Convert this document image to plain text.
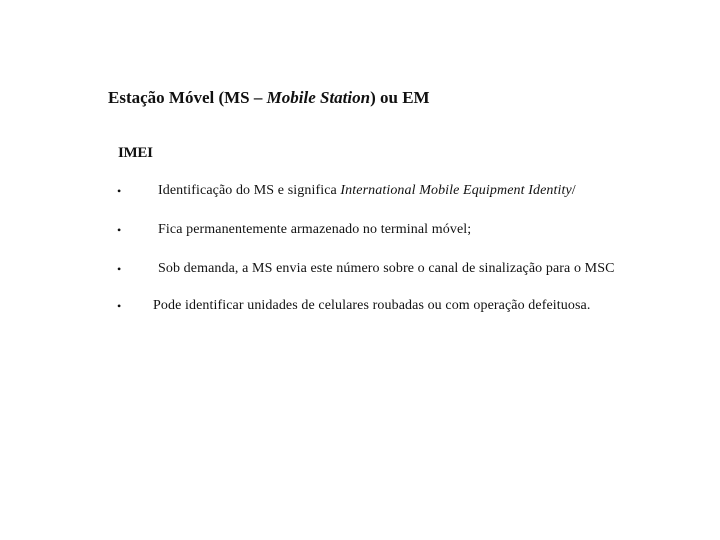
Estação Móvel (MS – Mobile Station) ou EM
IMEI
•	Identificação do MS e significa International Mobile Equipment Identity/
•	Fica permanentemente armazenado no terminal móvel;
•	Sob demanda, a MS envia este número sobre o canal de sinalização para o MSC
• Pode identificar unidades de celulares roubadas ou com operação defeituosa.
